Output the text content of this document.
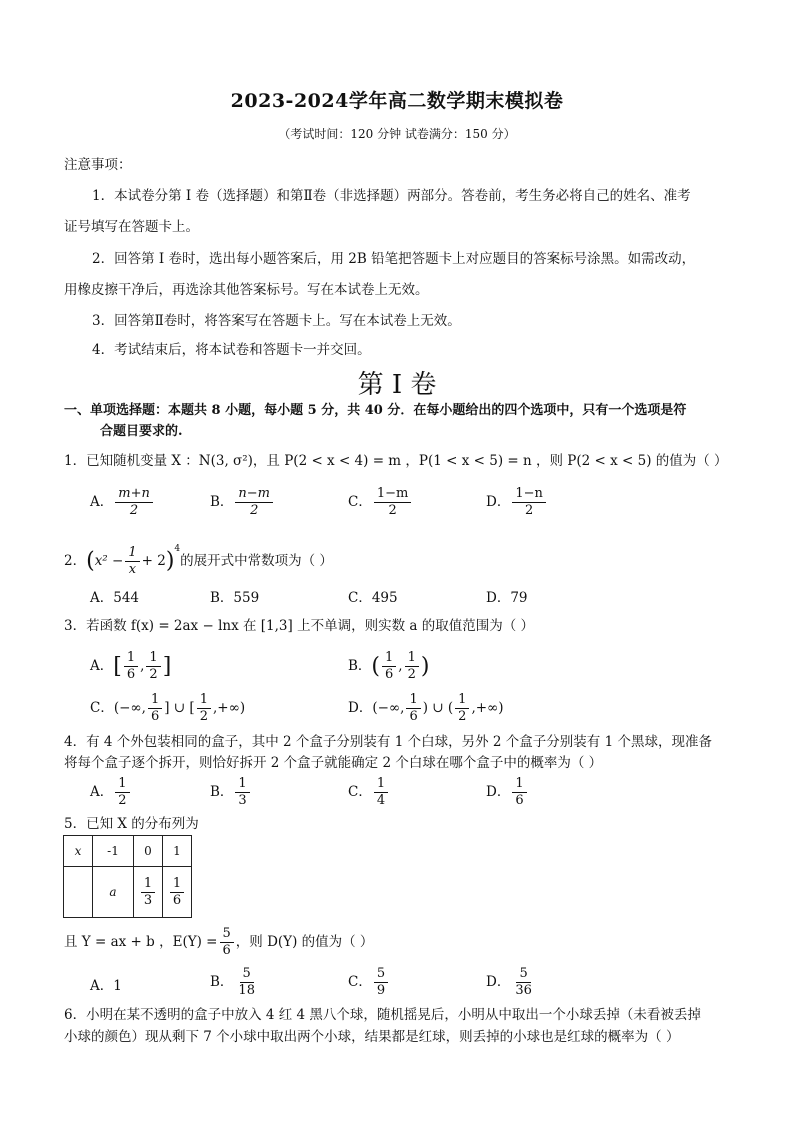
2023-2024学年高二数学期末模拟卷
（考试时间：120 分钟 试卷满分：150 分）
注意事项：
1．本试卷分第 I 卷（选择题）和第Ⅱ卷（非选择题）两部分。答卷前，考生务必将自己的姓名、准考
证号填写在答题卡上。
2．回答第 I 卷时，选出每小题答案后，用 2B 铅笔把答题卡上对应题目的答案标号涂黑。如需改动，
用橡皮擦干净后，再选涂其他答案标号。写在本试卷上无效。
3．回答第Ⅱ卷时，将答案写在答题卡上。写在本试卷上无效。
4．考试结束后，将本试卷和答题卡一并交回。
第 I 卷
一、单项选择题：本题共 8 小题，每小题 5 分，共 40 分．在每小题给出的四个选项中，只有一个选项是符
合题目要求的.
1．已知随机变量 X ：N(3, σ²)，且 P(2 < x < 4) = m ，P(1 < x < 5) = n ，则 P(2 < x < 5) 的值为（ ）
A． $\frac{m+n}{2}$	B． $\frac{n-m}{2}$	C． $\frac{1-m}{2}$	D． $\frac{1-n}{2}$
2．$(x^2 - \frac{1}{x} + 2)^4$的展开式中常数项为（ ）
A．544	B．559	C．495	D．79
3．若函数 f(x) = 2ax − lnx 在 [1,3] 上不单调，则实数 a 的取值范围为（ ）
A．[ $\frac{1}{6}$ , $\frac{1}{2}$ ]	B．( $\frac{1}{6}$ , $\frac{1}{2}$ )
C．(−∞, $\frac{1}{6}$ ] ∪ [ $\frac{1}{2}$ ,+∞)	D．(−∞, $\frac{1}{6}$ ) ∪ ( $\frac{1}{2}$ ,+∞)
4．有 4 个外包装相同的盒子，其中 2 个盒子分别装有 1 个白球，另外 2 个盒子分别装有 1 个黑球，现准备
将每个盒子逐个拆开，则恰好拆开 2 个盒子就能确定 2 个白球在哪个盒子中的概率为（ ）
A． $\frac{1}{2}$	B． $\frac{1}{3}$	C． $\frac{1}{4}$	D． $\frac{1}{6}$
5．已知 X 的分布列为
x	-1	0	1
	a	$\frac{1}{3}$	$\frac{1}{6}$
且 Y = ax + b ，$E(Y) = \frac{5}{6}$ ，则 D(Y) 的值为（ ）
A．1	B． $\frac{5}{18}$	C． $\frac{5}{9}$	D． $\frac{5}{36}$
6．小明在某不透明的盒子中放入 4 红 4 黑八个球，随机摇晃后，小明从中取出一个小球丢掉（未看被丢掉
小球的颜色）现从剩下 7 个小球中取出两个小球，结果都是红球，则丢掉的小球也是红球的概率为（ ）
